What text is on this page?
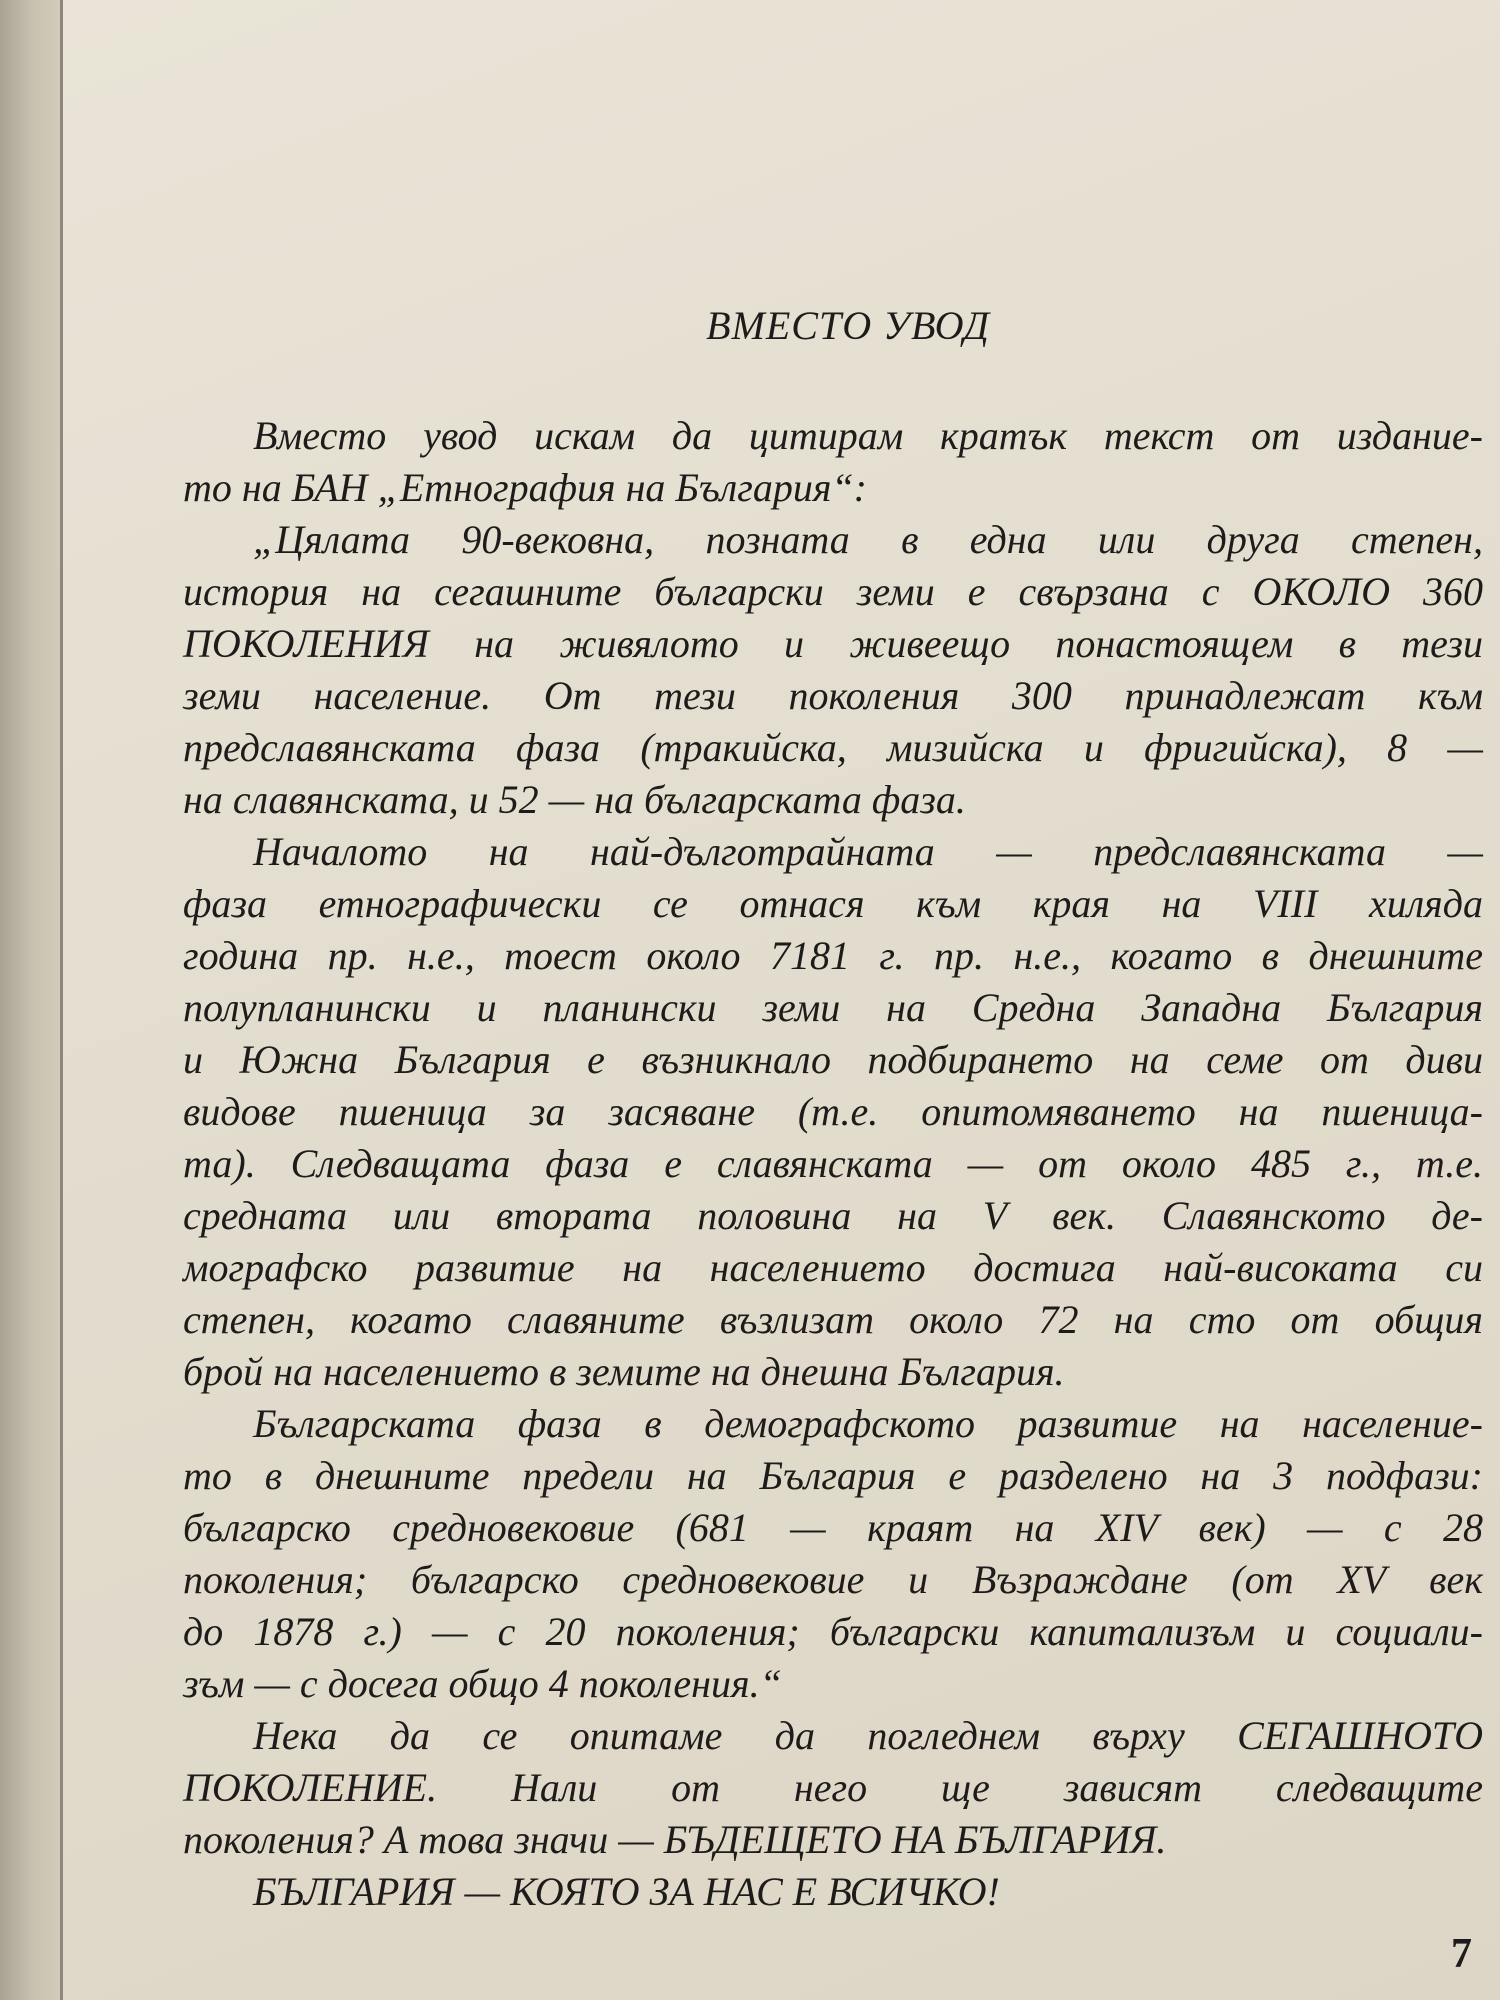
ВМЕСТО УВОД
Вместо увод искам да цитирам кратък текст от издание-
то на БАН „Етнография на България“:
„Цялата 90-вековна, позната в една или друга степен,
история на сегашните български земи е свързана с ОКОЛО 360
ПОКОЛЕНИЯ на живялото и живеещо понастоящем в тези
земи население. От тези поколения 300 принадлежат към
предславянската фаза (тракийска, мизийска и фригийска), 8 —
на славянската, и 52 — на българската фаза.
Началото на най-дълготрайната — предславянската —
фаза етнографически се отнася към края на VIII хиляда
година пр. н.е., тоест около 7181 г. пр. н.е., когато в днешните
полупланински и планински земи на Средна Западна България
и Южна България е възникнало подбирането на семе от диви
видове пшеница за засяване (т.е. опитомяването на пшеница-
та). Следващата фаза е славянската — от около 485 г., т.е.
средната или втората половина на V век. Славянското де-
мографско развитие на населението достига най-високата си
степен, когато славяните възлизат около 72 на сто от общия
брой на населението в земите на днешна България.
Българската фаза в демографското развитие на население-
то в днешните предели на България е разделено на 3 подфази:
българско средновековие (681 — краят на XIV век) — с 28
поколения; българско средновековие и Възраждане (от XV век
до 1878 г.) — с 20 поколения; български капитализъм и социали-
зъм — с досега общо 4 поколения.“
Нека да се опитаме да погледнем върху СЕГАШНОТО
ПОКОЛЕНИЕ. Нали от него ще зависят следващите
поколения? А това значи — БЪДЕЩЕТО НА БЪЛГАРИЯ.
БЪЛГАРИЯ — КОЯТО ЗА НАС Е ВСИЧКО!
7
